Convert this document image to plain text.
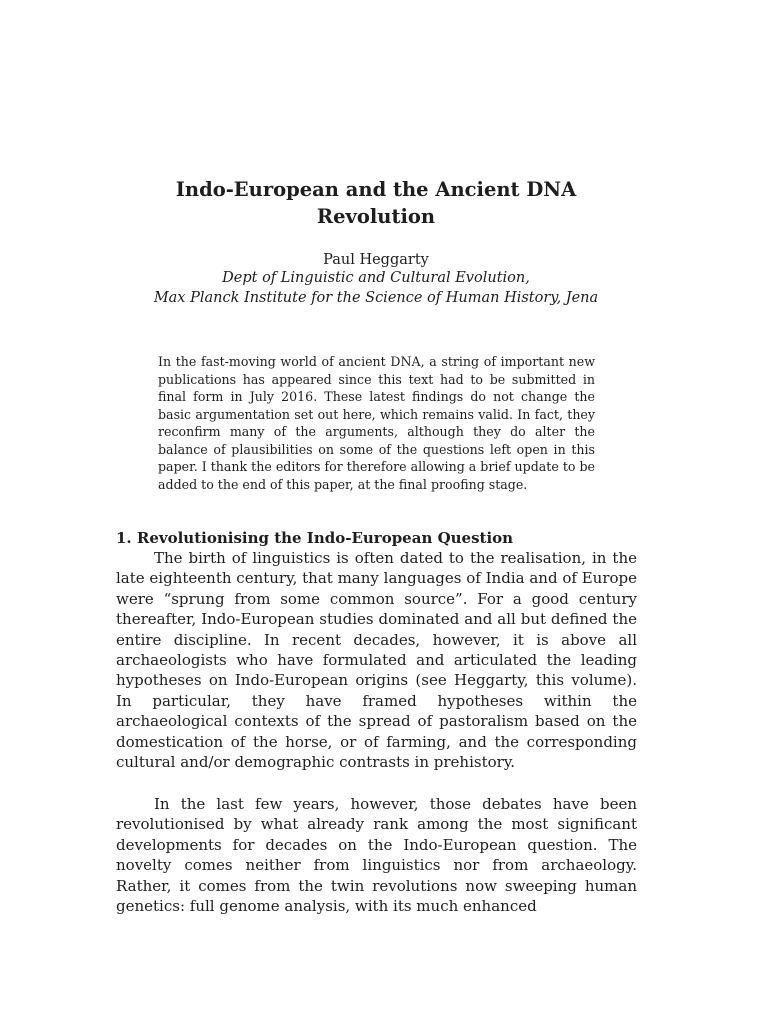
Indo-European and the Ancient DNA Revolution

Paul Heggarty

Dept of Linguistic and Cultural Evolution,

Max Planck Institute for the Science of Human History, Jena

In the fast-moving world of ancient DNA, a string of important new publications has appeared since this text had to be submitted in final form in July 2016. These latest findings do not change the basic argumentation set out here, which remains valid. In fact, they reconfirm many of the arguments, although they do alter the balance of plausibilities on some of the questions left open in this paper. I thank the editors for therefore allowing a brief update to be added to the end of this paper, at the final proofing stage.

1. Revolutionising the Indo-European Question

The birth of linguistics is often dated to the realisation, in the late eighteenth century, that many languages of India and of Europe were “sprung from some common source”. For a good century thereafter, Indo-European studies dominated and all but defined the entire discipline. In recent decades, however, it is above all archaeologists who have formulated and articulated the leading hypotheses on Indo-European origins (see Heggarty, this volume). In particular, they have framed hypotheses within the archaeological contexts of the spread of pastoralism based on the domestication of the horse, or of farming, and the corresponding cultural and/or demographic contrasts in prehistory.

In the last few years, however, those debates have been revolutionised by what already rank among the most significant developments for decades on the Indo-European question. The novelty comes neither from linguistics nor from archaeology. Rather, it comes from the twin revolutions now sweeping human genetics: full genome analysis, with its much enhanced
